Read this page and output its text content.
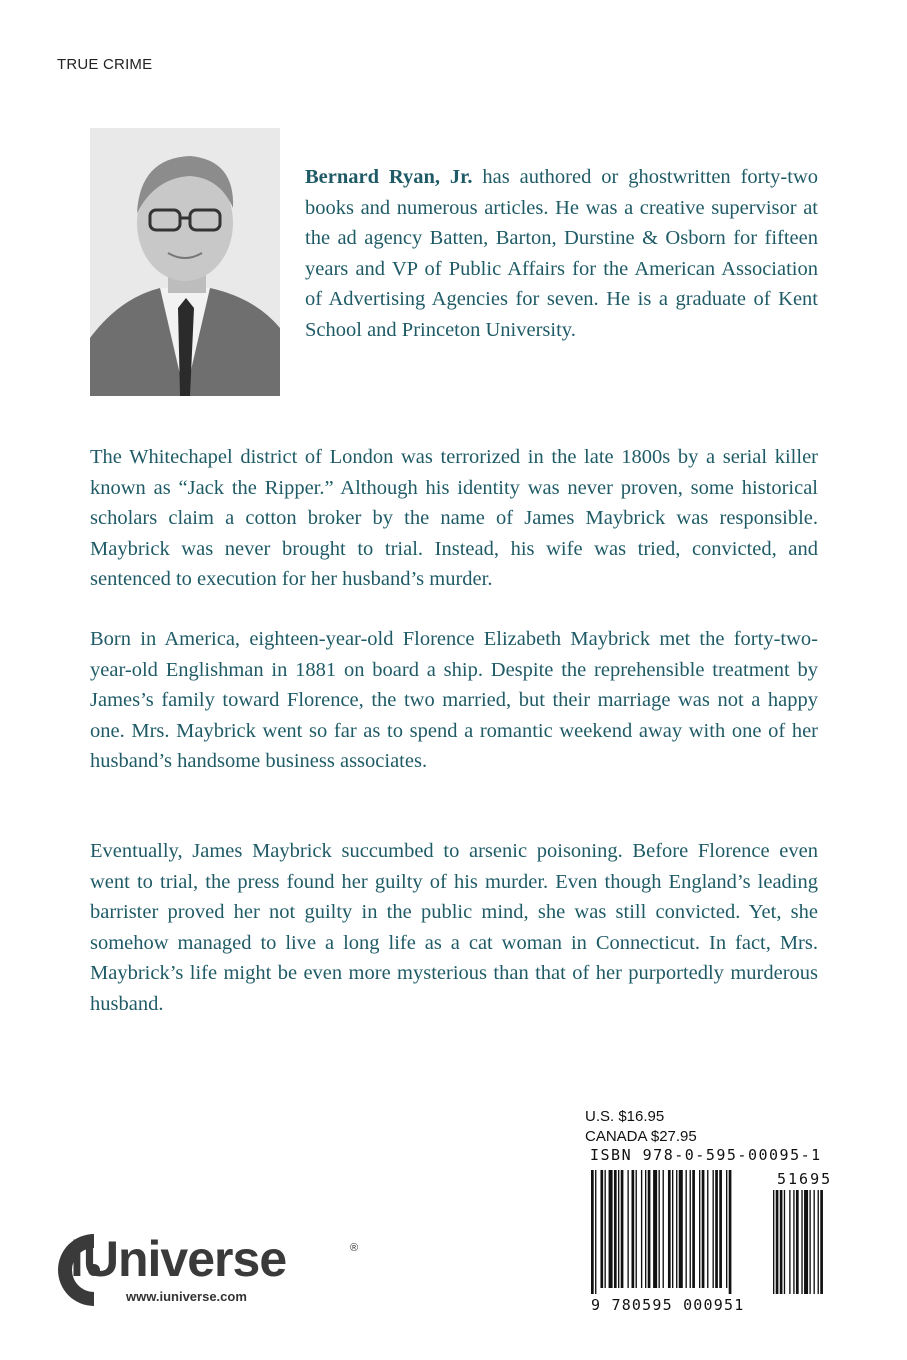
TRUE CRIME
Bernard Ryan, Jr. has authored or ghostwritten forty-two books and numerous articles. He was a creative supervisor at the ad agency Batten, Barton, Durstine & Osborn for fifteen years and VP of Public Affairs for the American Association of Advertising Agencies for seven. He is a graduate of Kent School and Princeton University.
The Whitechapel district of London was terrorized in the late 1800s by a serial killer known as “Jack the Ripper.” Although his identity was never proven, some historical scholars claim a cotton broker by the name of James Maybrick was responsible. Maybrick was never brought to trial. Instead, his wife was tried, convicted, and sentenced to execution for her husband’s murder.
Born in America, eighteen-year-old Florence Elizabeth Maybrick met the forty-two-year-old Englishman in 1881 on board a ship. Despite the reprehensible treatment by James’s family toward Florence, the two married, but their marriage was not a happy one. Mrs. Maybrick went so far as to spend a romantic weekend away with one of her husband’s handsome business associates.
Eventually, James Maybrick succumbed to arsenic poisoning. Before Florence even went to trial, the press found her guilty of his murder. Even though England’s leading barrister proved her not guilty in the public mind, she was still convicted. Yet, she somehow managed to live a long life as a cat woman in Connecticut. In fact, Mrs. Maybrick’s life might be even more mysterious than that of her purportedly murderous husband.
U.S. $16.95
CANADA $27.95
ISBN 978-0-595-00095-1
51695
9 780595 000951
iUniverse	®
www.iuniverse.com
